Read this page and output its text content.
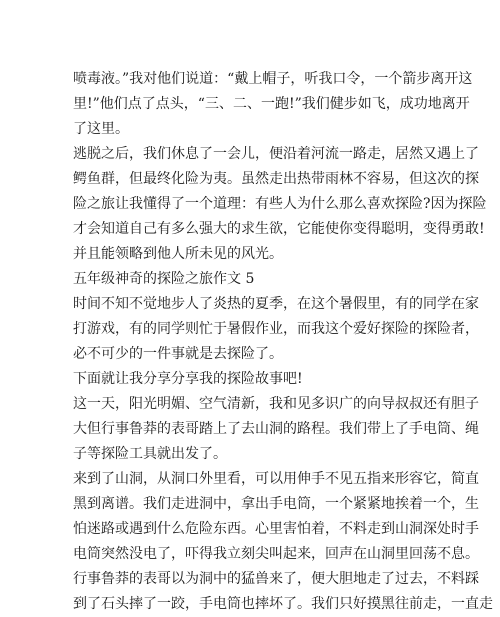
喷毒液。”我对他们说道：“戴上帽子，听我口令，一个箭步离开这
里!”他们点了点头，“三、二、一跑!”我们健步如飞，成功地离开
了这里。
逃脱之后，我们休息了一会儿，便沿着河流一路走，居然又遇上了
鳄鱼群，但最终化险为夷。虽然走出热带雨林不容易，但这次的探
险之旅让我懂得了一个道理：有些人为什么那么喜欢探险?因为探险
才会知道自己有多么强大的求生欲，它能使你变得聪明，变得勇敢!
并且能领略到他人所未见的风光。
五年级神奇的探险之旅作文 5
时间不知不觉地步人了炎热的夏季，在这个暑假里，有的同学在家
打游戏，有的同学则忙于暑假作业，而我这个爱好探险的探险者，
必不可少的一件事就是去探险了。
下面就让我分享分享我的探险故事吧!
这一天，阳光明媚、空气清新，我和见多识广的向导叔叔还有胆子
大但行事鲁莽的表哥踏上了去山洞的路程。我们带上了手电筒、绳
子等探险工具就出发了。
来到了山洞，从洞口外里看，可以用伸手不见五指来形容它，简直
黑到离谱。我们走进洞中，拿出手电筒，一个紧紧地挨着一个，生
怕迷路或遇到什么危险东西。心里害怕着，不料走到山洞深处时手
电筒突然没电了，吓得我立刻尖叫起来，回声在山洞里回荡不息。
行事鲁莽的表哥以为洞中的猛兽来了，便大胆地走了过去，不料踩
到了石头摔了一跤，手电筒也摔坏了。我们只好摸黑往前走，一直走
